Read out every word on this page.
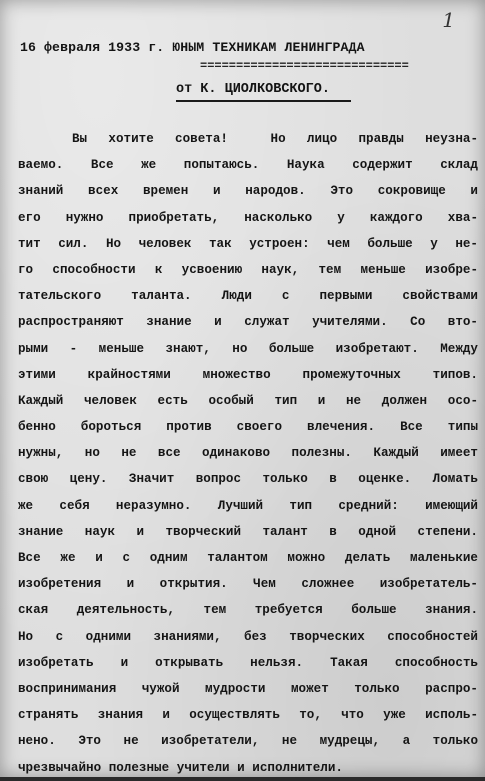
1
16 февраля 1933 г. ЮНЫМ ТЕХНИКАМ ЛЕНИНГРАДА
=============================
от К. ЦИОЛКОВСКОГО.
Вы хотите совета!  Но лицо правды неузна-
ваемо. Все же попытаюсь. Наука содержит склад
знаний всех времен и народов. Это сокровище и
его нужно приобретать, насколько у каждого хва-
тит сил. Но человек так устроен: чем больше у не-
го способности к усвоению наук, тем меньше изобре-
тательского таланта. Люди с первыми свойствами
распространяют знание и служат учителями. Со вто-
рыми - меньше знают, но больше изобретают. Между
этими крайностями множество промежуточных типов.
Каждый человек есть особый тип и не должен осо-
бенно бороться против своего влечения. Все типы
нужны, но не все одинаково полезны. Каждый имеет
свою цену. Значит вопрос только в оценке. Ломать
же себя неразумно. Лучший тип средний: имеющий
знание наук и творческий талант в одной степени.
Все же и с одним талантом можно делать маленькие
изобретения и открытия. Чем сложнее изобретатель-
ская деятельность, тем требуется больше знания.
Но с одними знаниями, без творческих способностей
изобретать и открывать нельзя. Такая способность
воспринимания чужой мудрости может только распро-
странять знания и осуществлять то, что уже исполь-
нено. Это не изобретатели, не мудрецы, а только
чрезвычайно полезные учители и исполнители.
